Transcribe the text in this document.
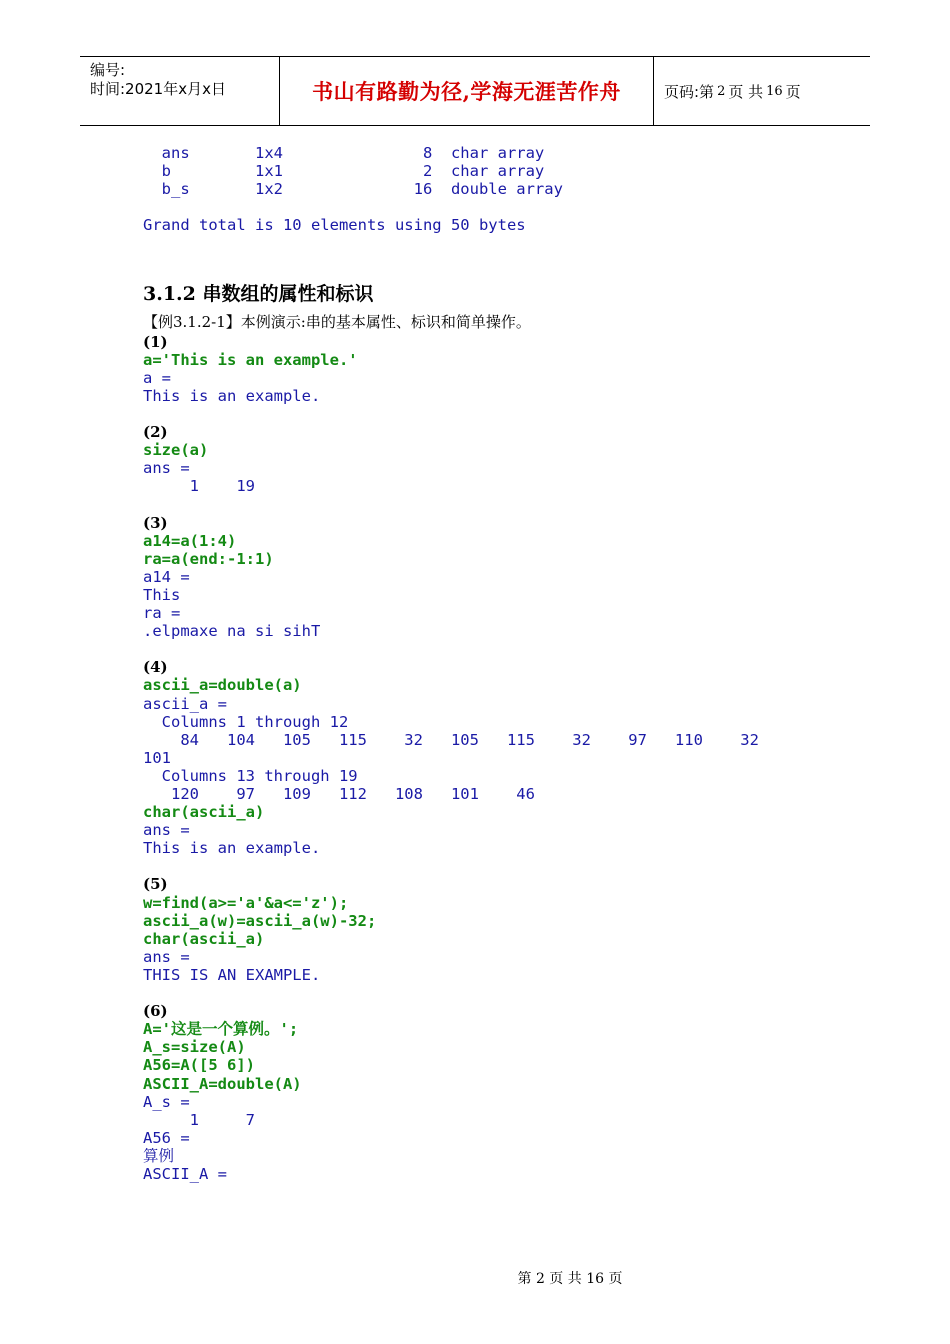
编号:
时间:2021年x月x日	书山有路勤为径,学海无涯苦作舟	页码:第 2 页 共 16 页
ans       1x4               8  char array
b         1x1               2  char array
b_s       1x2              16  double array
Grand total is 10 elements using 50 bytes
3.1.2 串数组的属性和标识
【例3.1.2-1】本例演示:串的基本属性、标识和简单操作。
(1)
a='This is an example.'
a =
This is an example.
(2)
size(a)
ans =
1    19
(3)
a14=a(1:4)
ra=a(end:-1:1)
a14 =
This
ra =
.elpmaxe na si sihT
(4)
ascii_a=double(a)
ascii_a =
Columns 1 through 12
84   104   105   115    32   105   115    32    97   110    32
101
Columns 13 through 19
120    97   109   112   108   101    46
char(ascii_a)
ans =
This is an example.
(5)
w=find(a>='a'&a<='z');
ascii_a(w)=ascii_a(w)-32;
char(ascii_a)
ans =
THIS IS AN EXAMPLE.
(6)
A='这是一个算例。';
A_s=size(A)
A56=A([5 6])
ASCII_A=double(A)
A_s =
1     7
A56 =
算例
ASCII_A =
第 2 页 共 16 页
